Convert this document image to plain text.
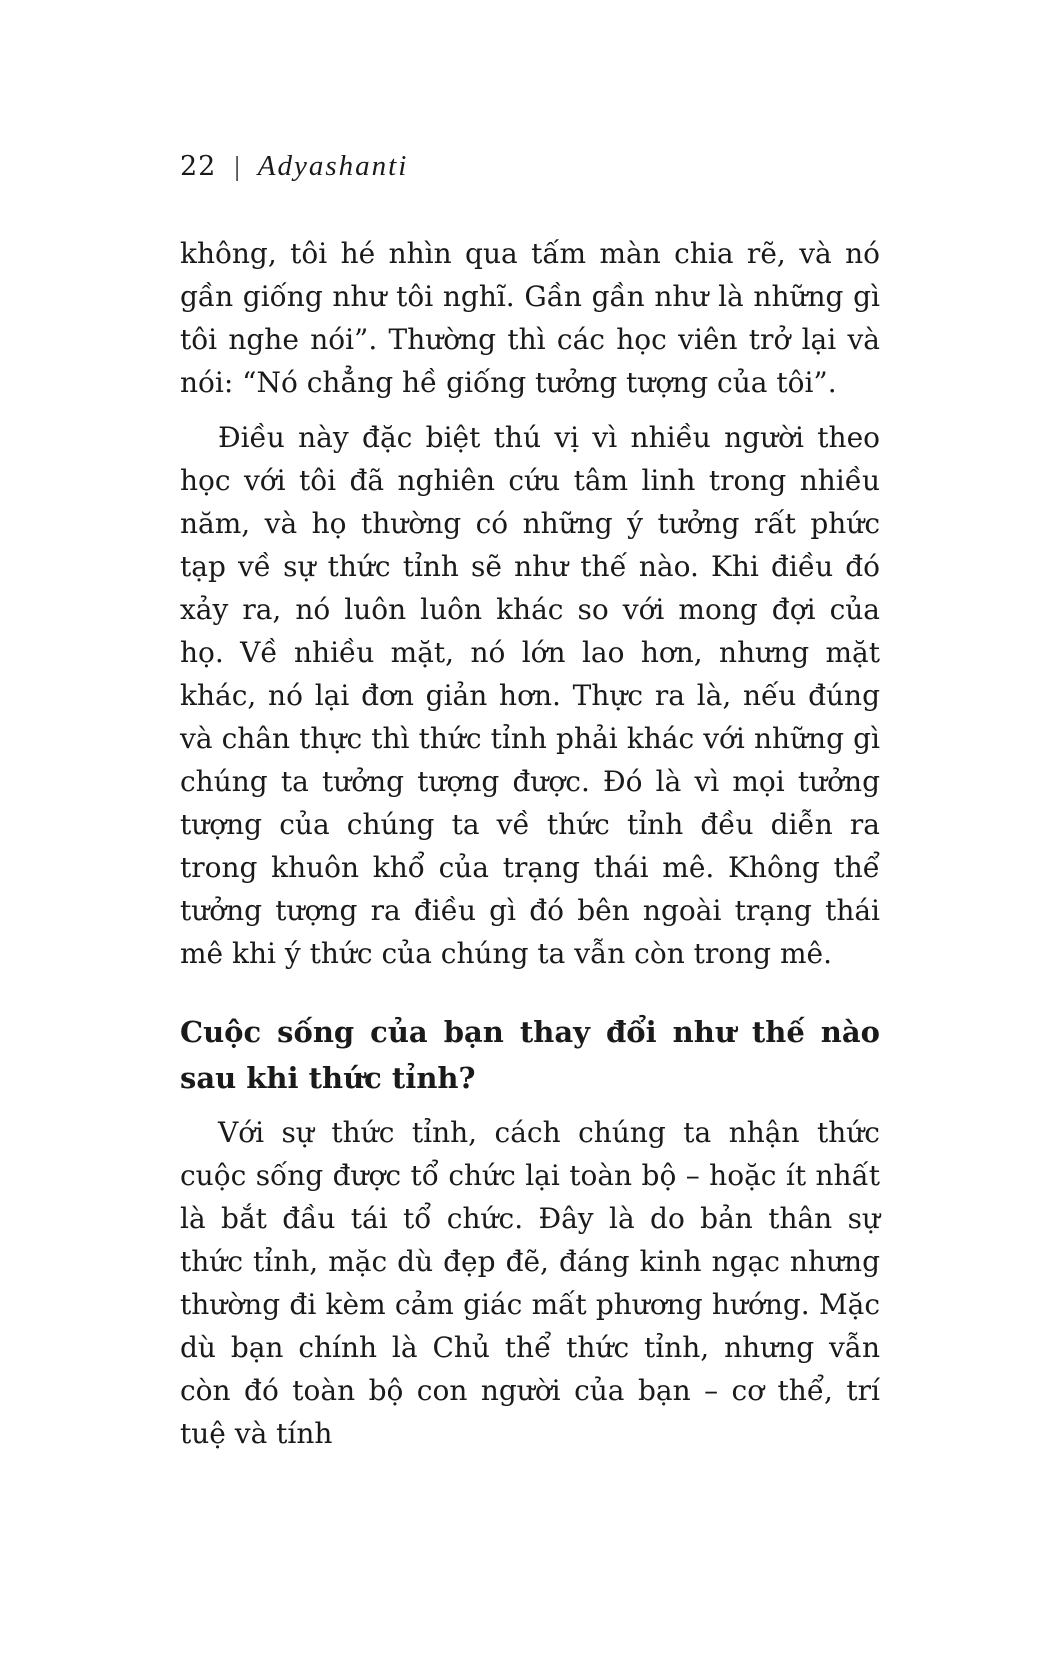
22 | Adyashanti

không, tôi hé nhìn qua tấm màn chia rẽ, và nó gần giống như tôi nghĩ. Gần gần như là những gì tôi nghe nói”. Thường thì các học viên trở lại và nói: “Nó chẳng hề giống tưởng tượng của tôi”.

Điều này đặc biệt thú vị vì nhiều người theo học với tôi đã nghiên cứu tâm linh trong nhiều năm, và họ thường có những ý tưởng rất phức tạp về sự thức tỉnh sẽ như thế nào. Khi điều đó xảy ra, nó luôn luôn khác so với mong đợi của họ. Về nhiều mặt, nó lớn lao hơn, nhưng mặt khác, nó lại đơn giản hơn. Thực ra là, nếu đúng và chân thực thì thức tỉnh phải khác với những gì chúng ta tưởng tượng được. Đó là vì mọi tưởng tượng của chúng ta về thức tỉnh đều diễn ra trong khuôn khổ của trạng thái mê. Không thể tưởng tượng ra điều gì đó bên ngoài trạng thái mê khi ý thức của chúng ta vẫn còn trong mê.

Cuộc sống của bạn thay đổi như thế nào sau khi thức tỉnh?

Với sự thức tỉnh, cách chúng ta nhận thức cuộc sống được tổ chức lại toàn bộ – hoặc ít nhất là bắt đầu tái tổ chức. Đây là do bản thân sự thức tỉnh, mặc dù đẹp đẽ, đáng kinh ngạc nhưng thường đi kèm cảm giác mất phương hướng. Mặc dù bạn chính là Chủ thể thức tỉnh, nhưng vẫn còn đó toàn bộ con người của bạn – cơ thể, trí tuệ và tính
